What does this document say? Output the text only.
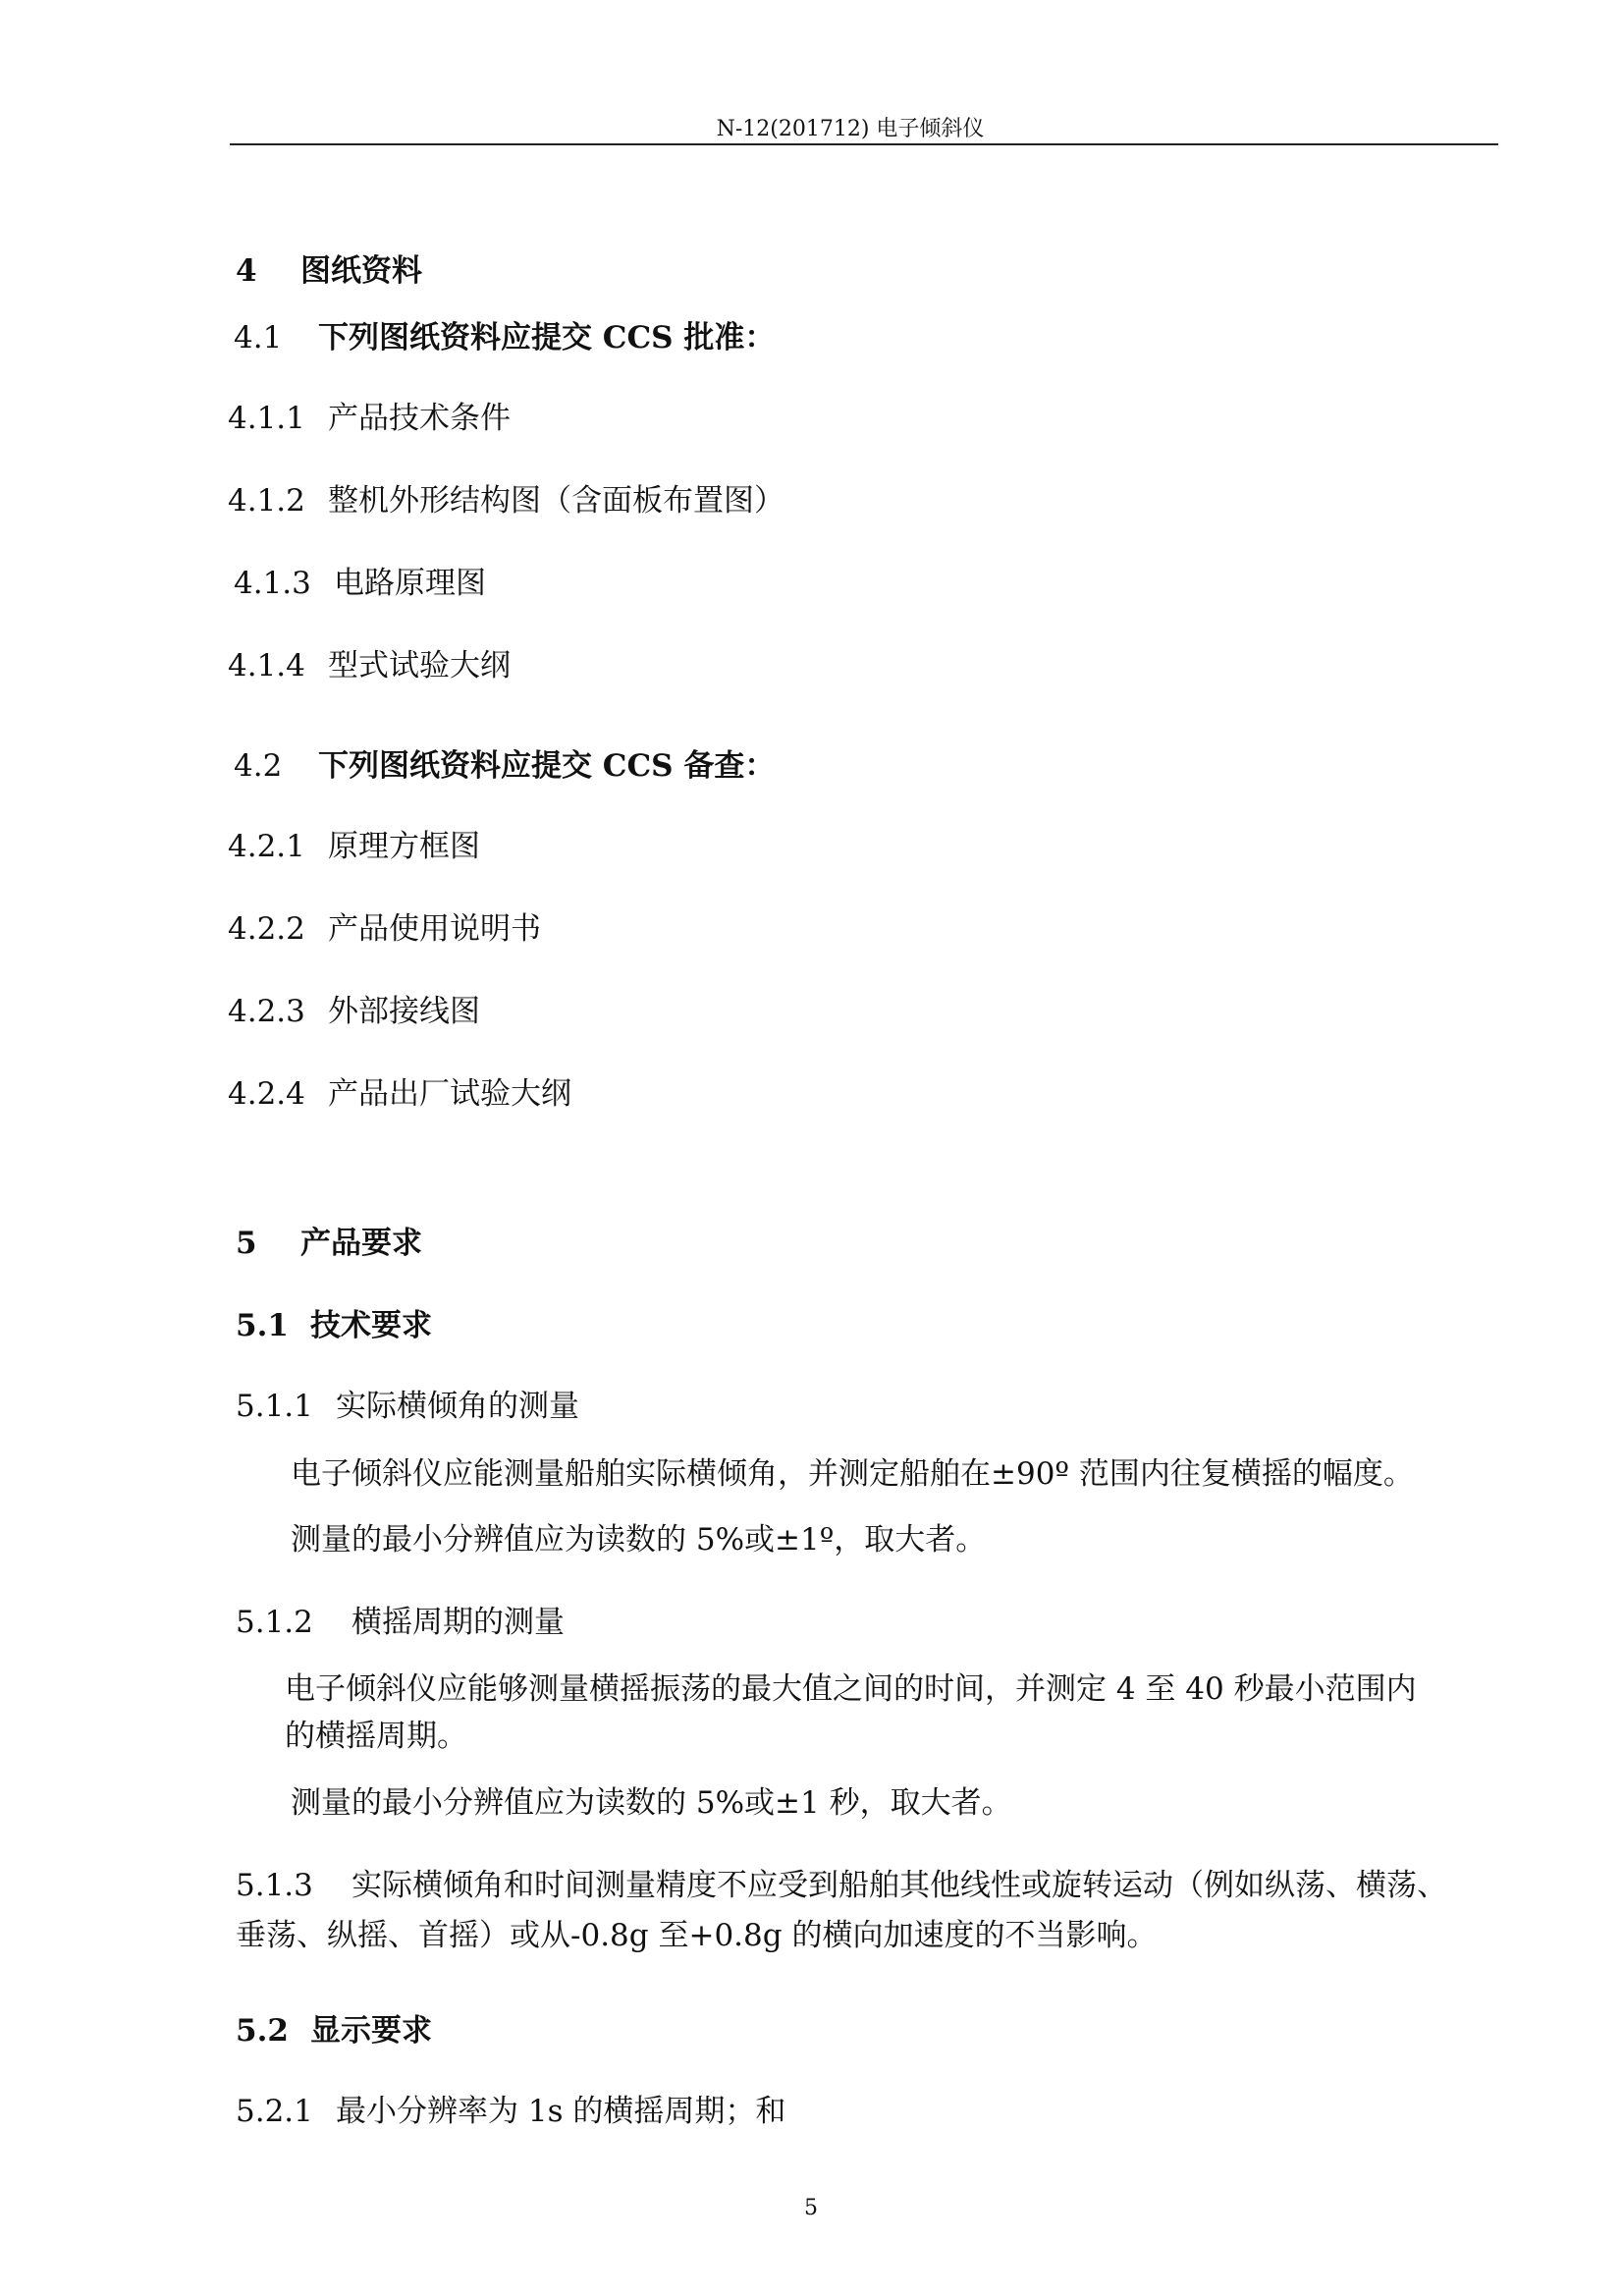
N-12(201712) 电子倾斜仪
4 图纸资料
4.1 下列图纸资料应提交 CCS 批准：
4.1.1 产品技术条件
4.1.2 整机外形结构图（含面板布置图）
4.1.3 电路原理图
4.1.4 型式试验大纲
4.2 下列图纸资料应提交 CCS 备查：
4.2.1 原理方框图
4.2.2 产品使用说明书
4.2.3 外部接线图
4.2.4 产品出厂试验大纲
5 产品要求
5.1 技术要求
5.1.1 实际横倾角的测量
电子倾斜仪应能测量船舶实际横倾角，并测定船舶在±90º 范围内往复横摇的幅度。
测量的最小分辨值应为读数的 5%或±1º，取大者。
5.1.2 横摇周期的测量
电子倾斜仪应能够测量横摇振荡的最大值之间的时间，并测定 4 至 40 秒最小范围内
的横摇周期。
测量的最小分辨值应为读数的 5%或±1 秒，取大者。
5.1.3 实际横倾角和时间测量精度不应受到船舶其他线性或旋转运动（例如纵荡、横荡、
垂荡、纵摇、首摇）或从-0.8g 至+0.8g 的横向加速度的不当影响。
5.2 显示要求
5.2.1 最小分辨率为 1s 的横摇周期；和
5
